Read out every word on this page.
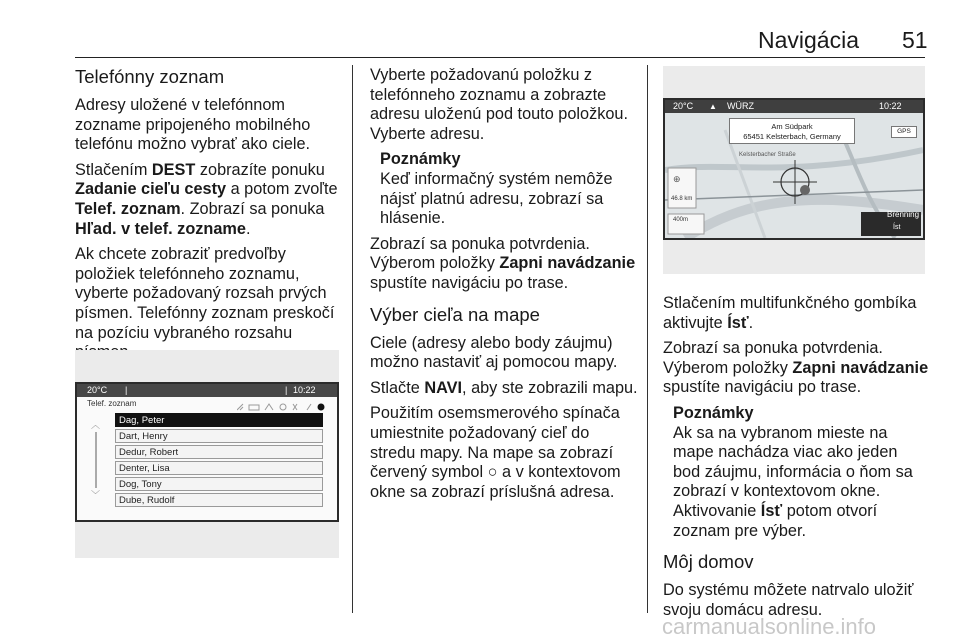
Navigácia 51
Telefónny zoznam

Adresy uložené v telefónnom zozname pripojeného mobilného telefónu možno vybrať ako ciele.

Stlačením DEST zobrazíte ponuku Zadanie cieľu cesty a potom zvoľte Telef. zoznam. Zobrazí sa ponuka Hľad. v telef. zozname.

Ak chcete zobraziť predvoľby položiek telefónneho zoznamu, vyberte požadovaný rozsah prvých písmen. Telefónny zoznam preskočí na pozíciu vybraného rozsahu

20°C |	| 10:22
Telef. zoznam
︿
﹀
Dag, Peter
Dart, Henry
Dedur, Robert
Denter, Lisa
Dog, Tony
Dube, Rudolf

Vyberte požadovanú položku z telefónneho zoznamu a zobrazte adresu uloženú pod touto položkou. Vyberte adresu.

Poznámky
Keď informačný systém nemôže nájsť platnú adresu, zobrazí sa hlásenie.

Zobrazí sa ponuka potvrdenia. Výberom položky Zapni navádzanie spustíte navigáciu po trase.

Výber cieľa na mape

Ciele (adresy alebo body záujmu) možno nastaviť aj pomocou mapy.

Stlačte NAVI, aby ste zobrazili mapu.

Použitím osemsmerového spínača umiestnite požadovaný cieľ do stredu mapy. Na mape sa zobrazí červený symbol ○ a v kontextovom okne sa zobrazí príslušná adresa.

20°C ▲ WÜRZ	10:22
Am Südpark
65451 Kelsterbach, Germany
GPS
Kelsterbacher Straße
46.8 km
⊕
400m
Brenning
Íst

Stlačením multifunkčného gombíka aktivujte Ísť.

Zobrazí sa ponuka potvrdenia. Výberom položky Zapni navádzanie spustíte navigáciu po trase.

Poznámky
Ak sa na vybranom mieste na mape nachádza viac ako jeden bod záujmu, informácia o ňom sa zobrazí v kontextovom okne. Aktivovanie Ísť potom otvorí zoznam pre výber.
Môj domov

Do systému môžete natrvalo uložiť svoju domácu adresu.

carmanualsonline.info
